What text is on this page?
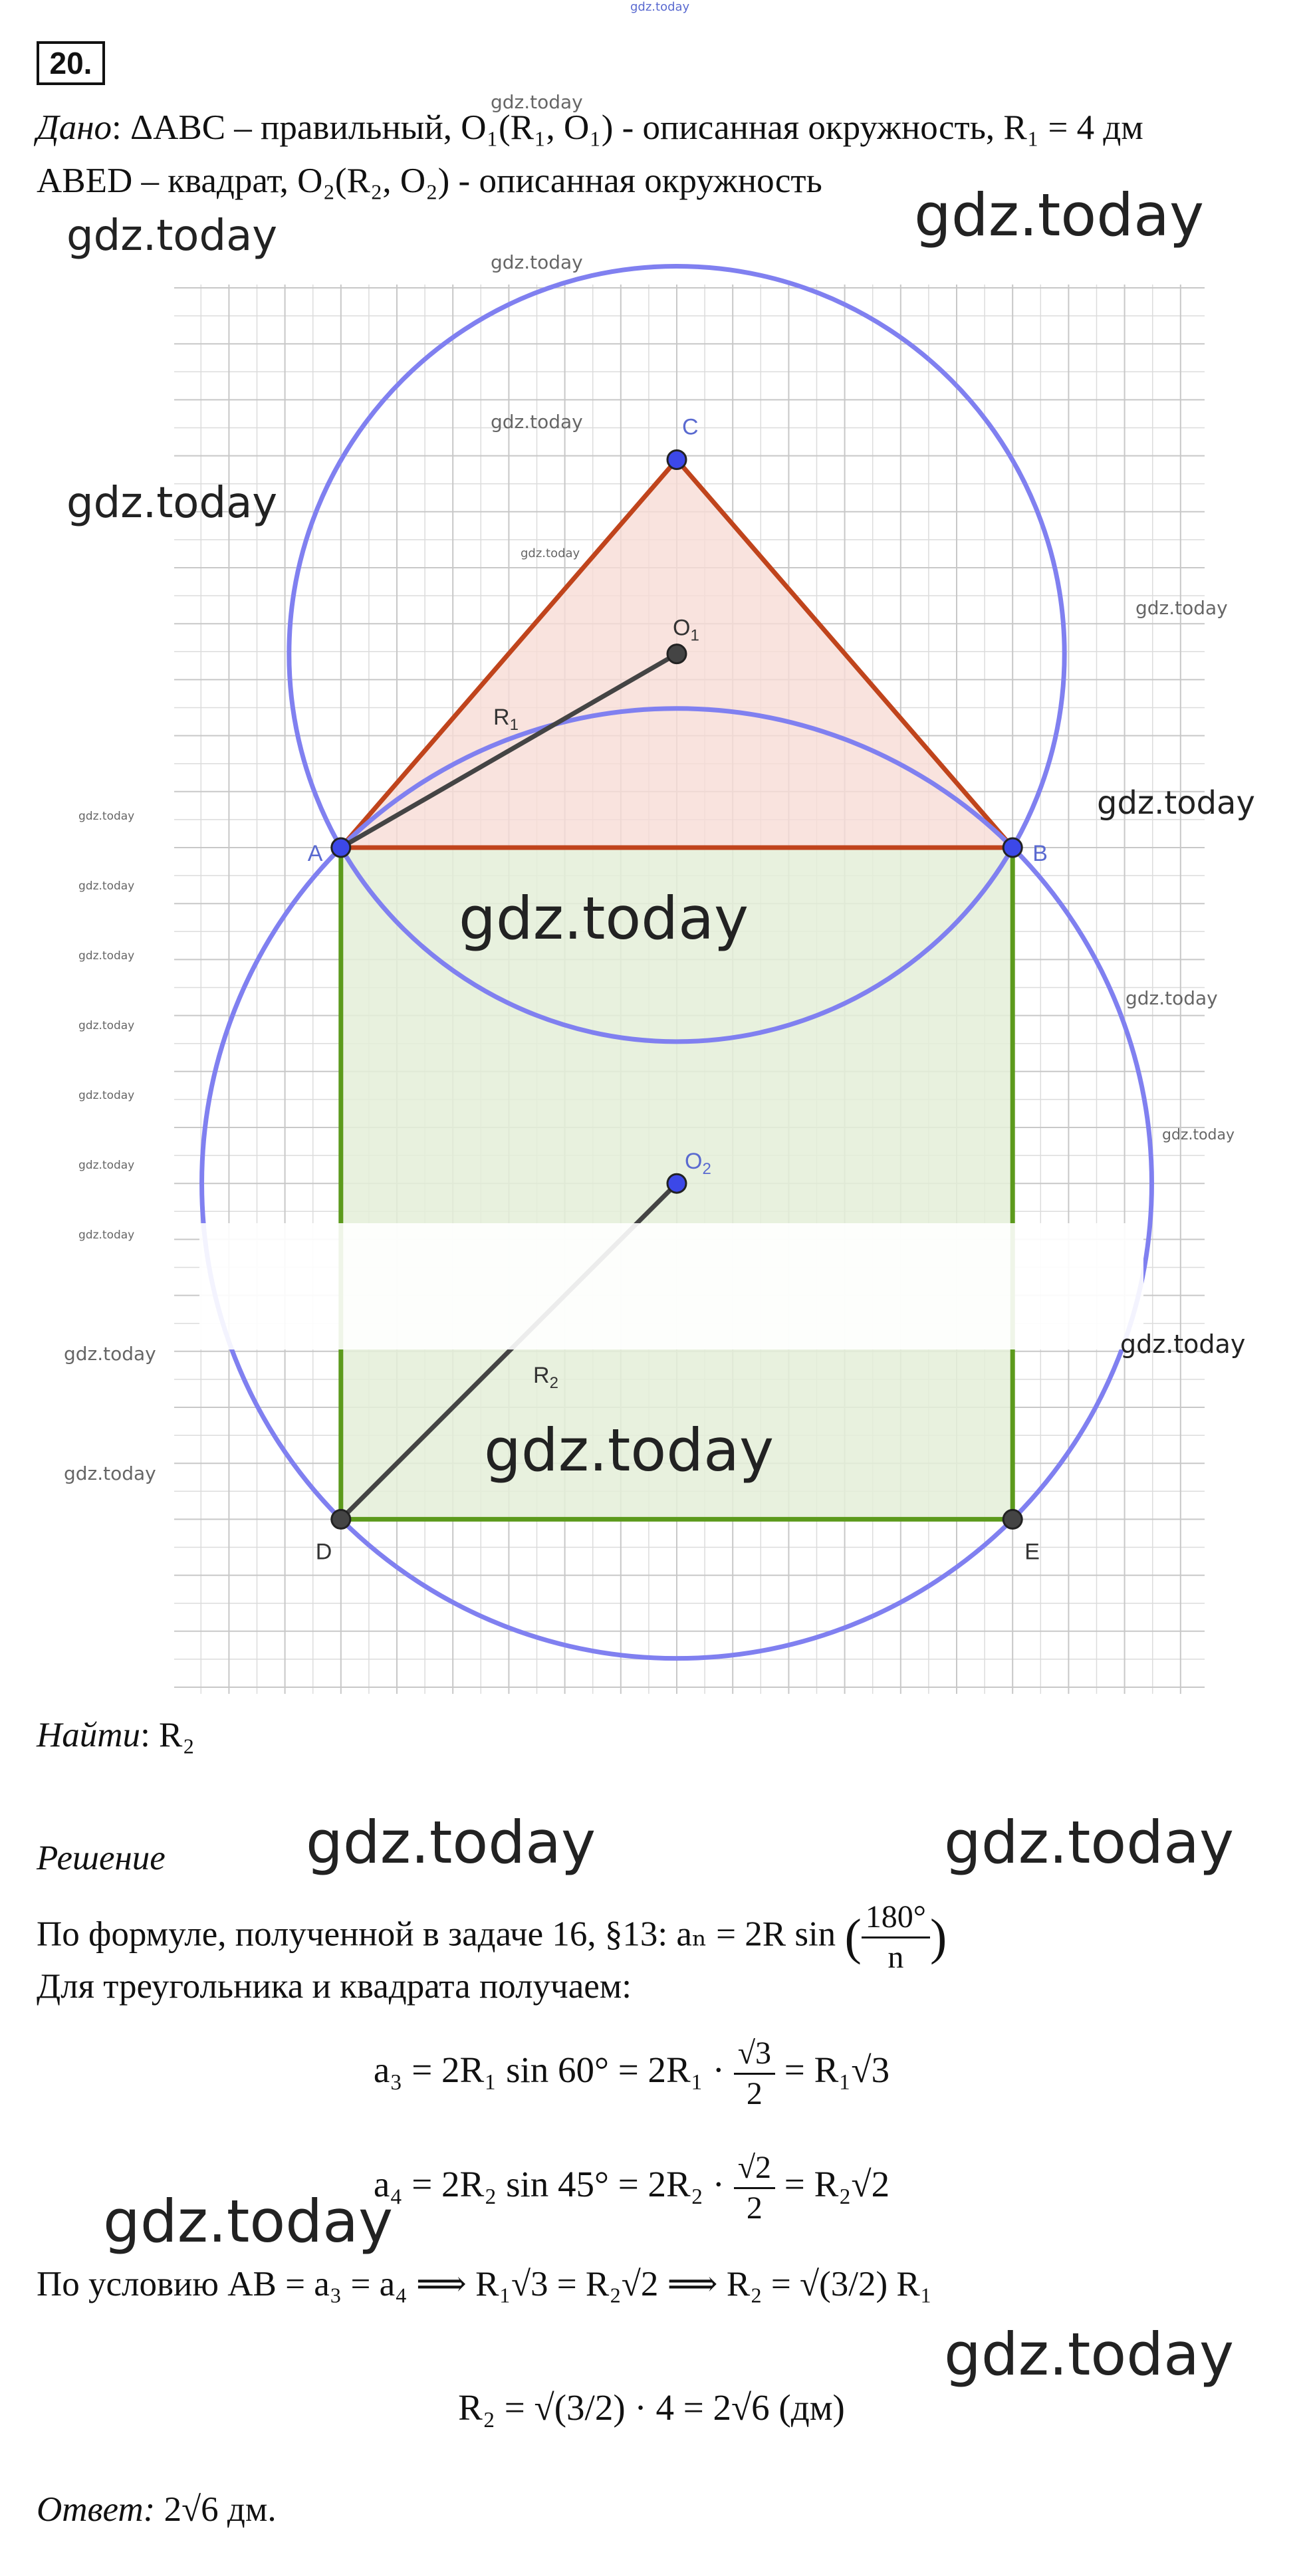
gdz.today
20.
Дано: ΔABC – правильный, O₁(R₁, O₁) - описанная окружность, R₁ = 4 дм
ABED – квадрат, O₂(R₂, O₂) - описанная окружность
C
A	B
D	E
$O_1$
$O_2$
$R_1$
$R_2$
gdz.today	gdz.today
gdz.today
gdz.today
gdz.today
gdz.today
gdz.today
gdz.today
gdz.today
gdz.today
gdz.today
gdz.today
gdz.today
gdz.today
gdz.today
gdz.today
gdz.today
gdz.today
gdz.today
gdz.today
gdz.today
gdz.today
gdz.today
Найти: R₂
Решение gdz.today	gdz.today
По формуле, полученной в задаче 16, §13: aₙ = 2R sin ( $\frac{180^\circ}{n}$ )
Для треугольника и квадрата получаем:
a₃ = 2R₁ $\sin 60^\circ = 2R_1 \cdot \frac{√3}{2} = R_1√3$
a₄ = 2R₂ $\sin 45^\circ = 2R_2 \cdot \frac{√2}{2} = R_2√2$
gdz.today
По условию AB = a₃ = a₄ ⟹ R₁√3 = R₂√2 ⟹ R₂ = √(3/2) R₁
gdz.today
R₂ = √(3/2) · 4 = 2√6 (дм)
Ответ: 2√6 дм.
